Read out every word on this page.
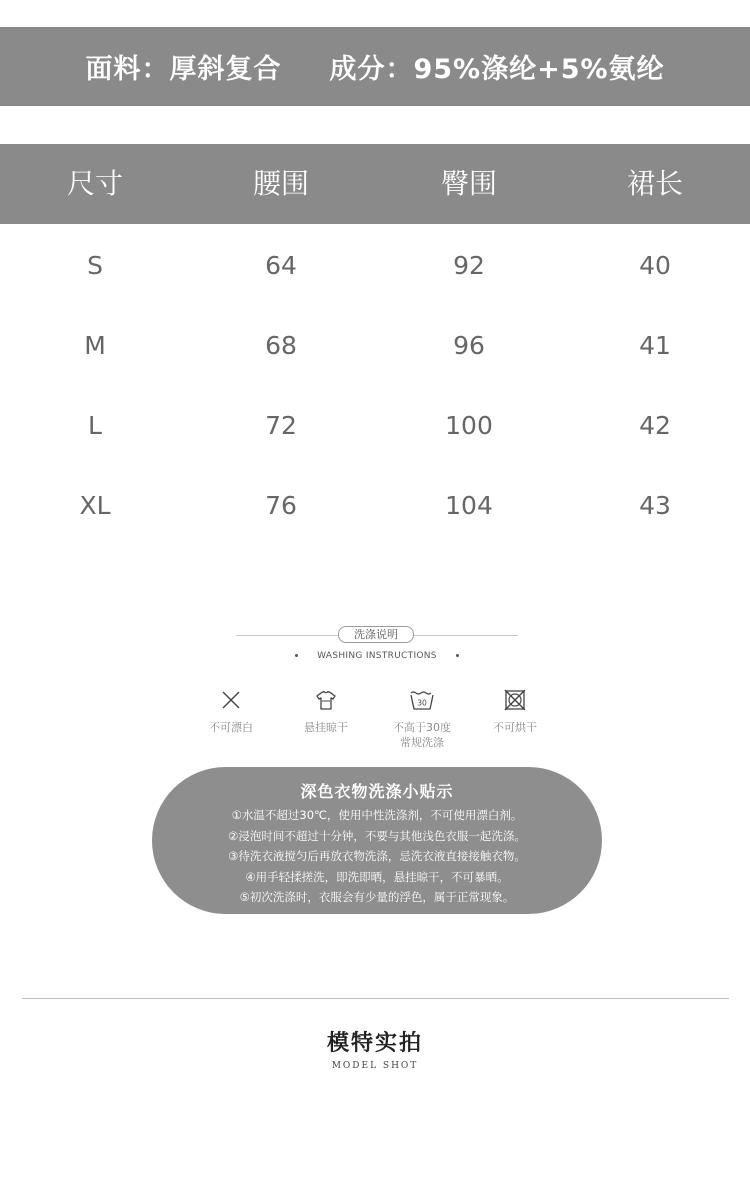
面料：厚斜复合 成分：95%涤纶+5%氨纶
尺寸	腰围	臀围	裙长
S	64	92	40
M	68	96	41
L	72	100	42
XL	76	104	43
洗涤说明
WASHING INSTRUCTIONS
不可漂白	悬挂晾干
30
不高于30度
常规洗涤
不可烘干
深色衣物洗涤小贴示
①水温不超过30℃，使用中性洗涤剂，不可使用漂白剂。
②浸泡时间不超过十分钟，不要与其他浅色衣服一起洗涤。
③待洗衣液搅匀后再放衣物洗涤，忌洗衣液直接接触衣物。
④用手轻揉搓洗，即洗即晒，悬挂晾干，不可暴晒。
⑤初次洗涤时，衣服会有少量的浮色，属于正常现象。
模特实拍
MODEL SHOT
